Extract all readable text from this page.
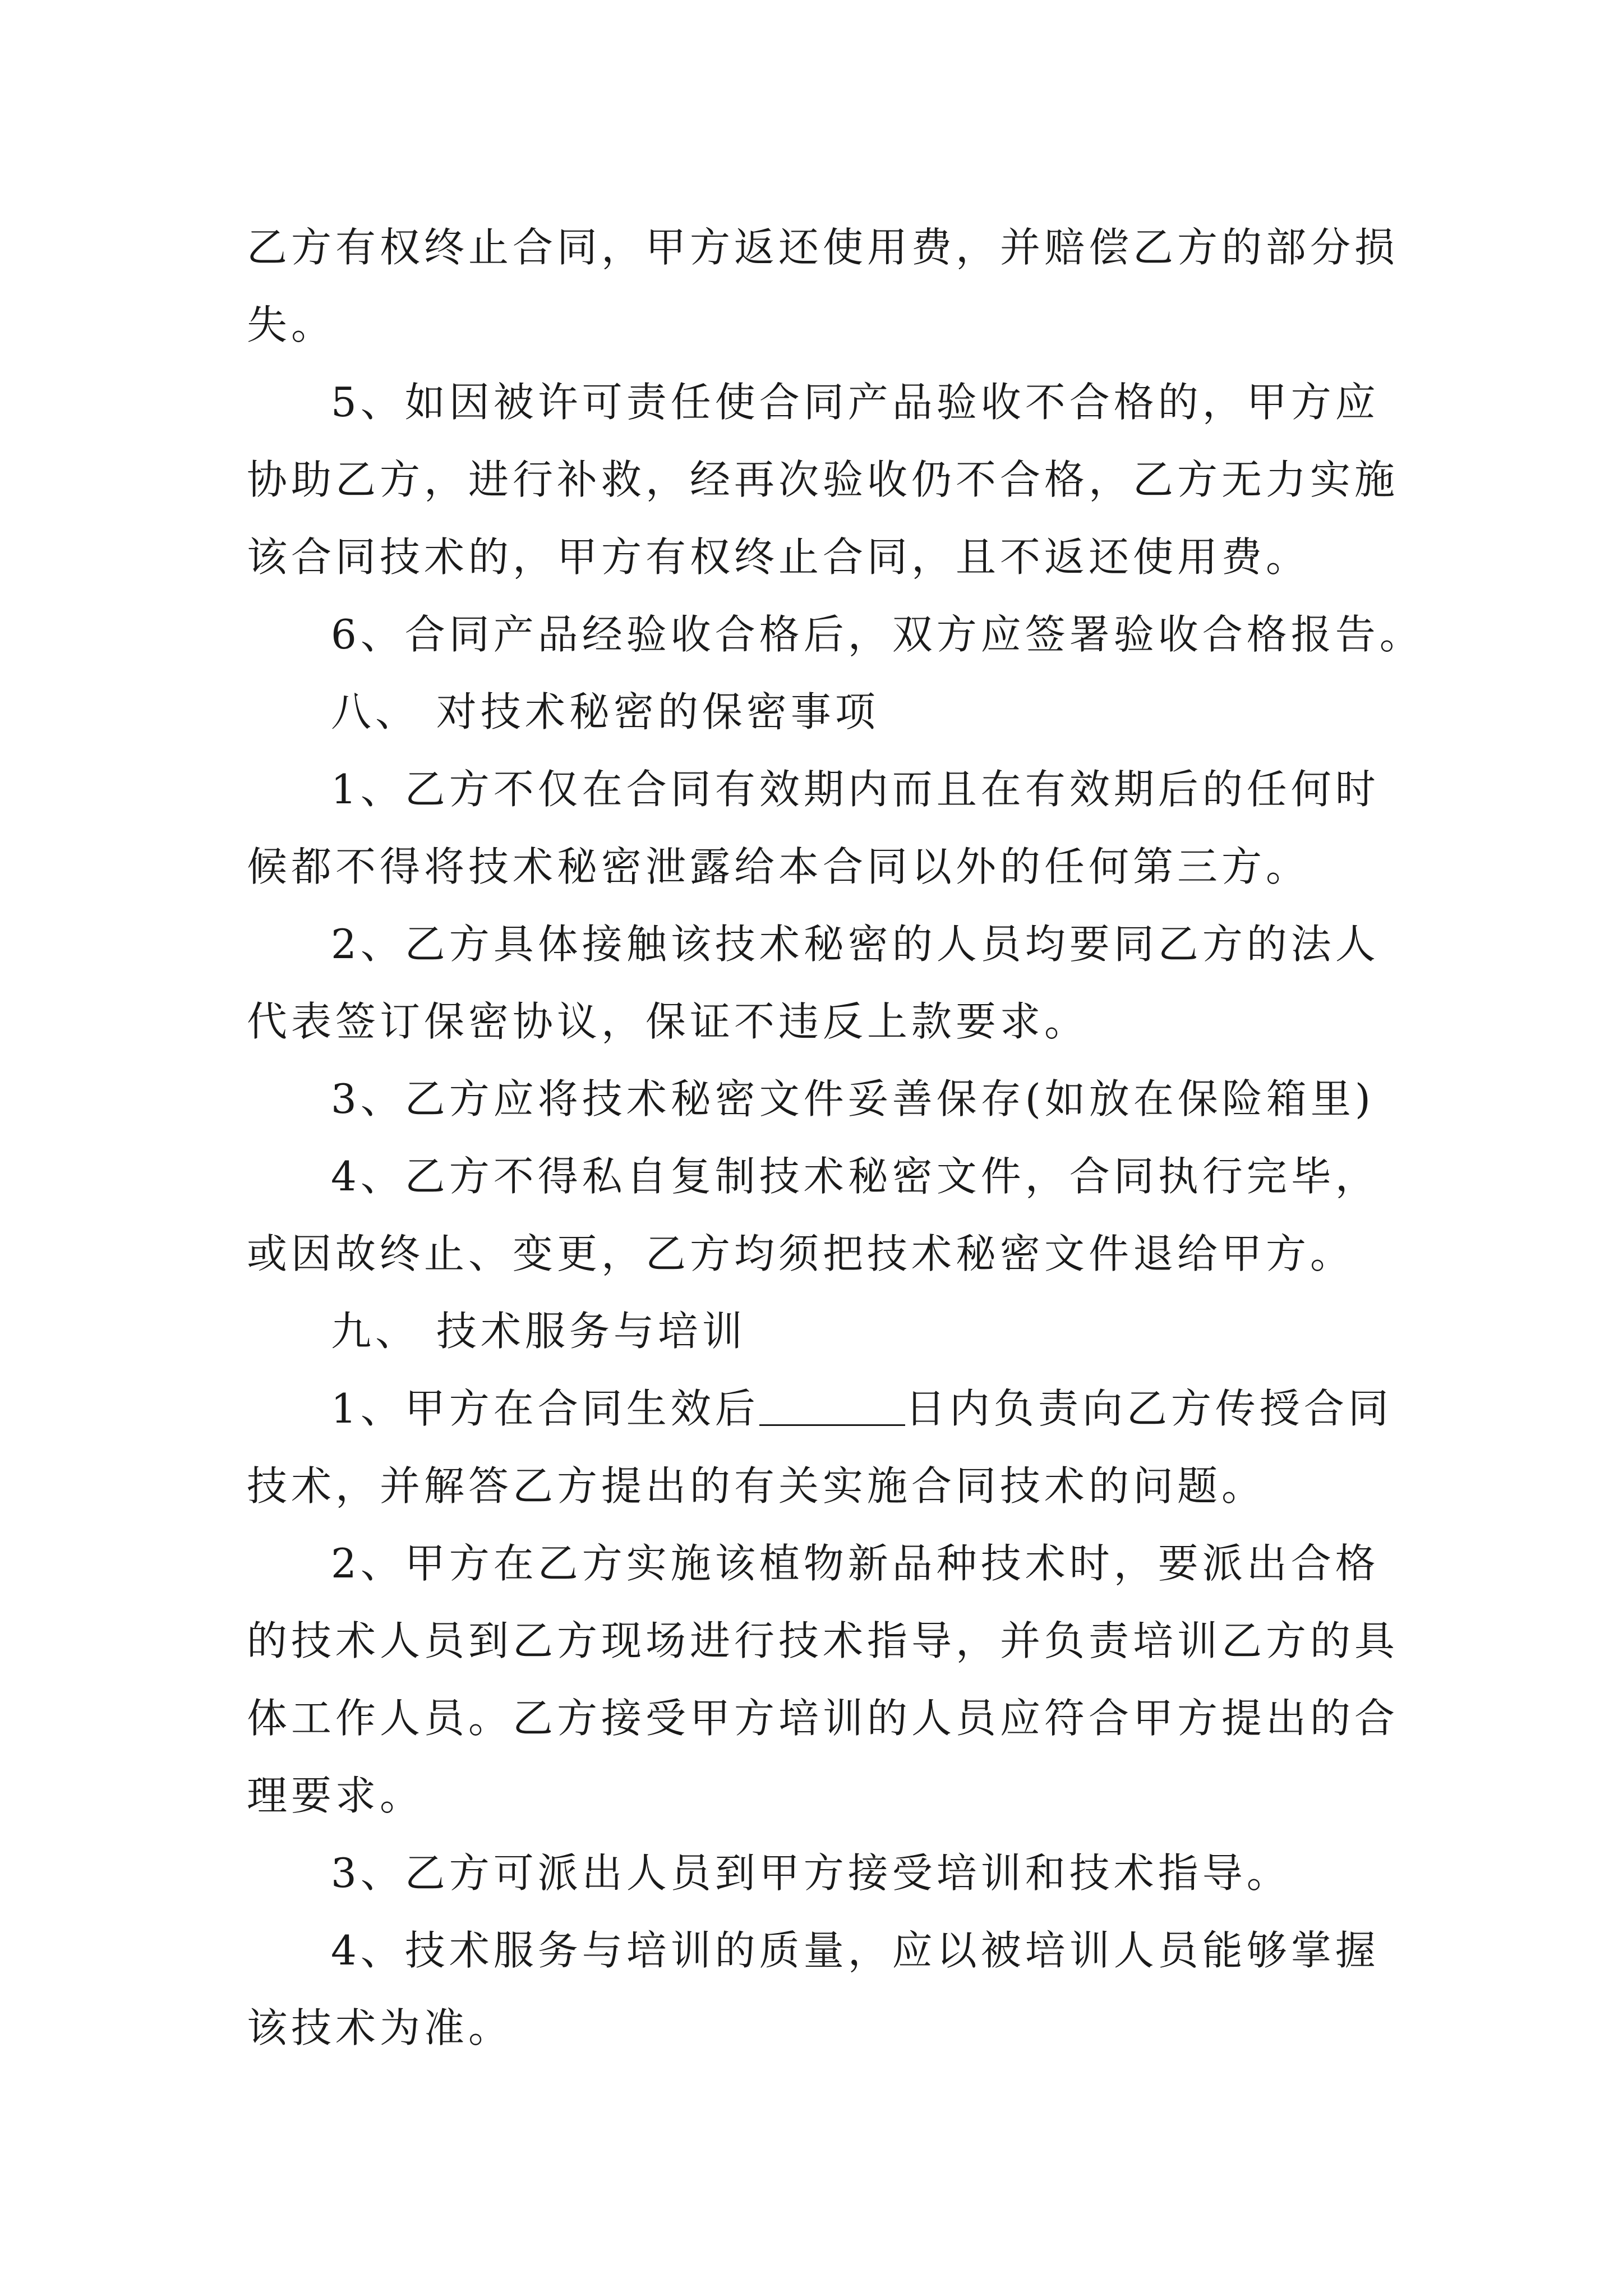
乙方有权终止合同，甲方返还使用费，并赔偿乙方的部分损

失。

5、如因被许可责任使合同产品验收不合格的，甲方应

协助乙方，进行补救，经再次验收仍不合格，乙方无力实施

该合同技术的，甲方有权终止合同，且不返还使用费。

6、合同产品经验收合格后，双方应签署验收合格报告。

八、 对技术秘密的保密事项

1、乙方不仅在合同有效期内而且在有效期后的任何时

候都不得将技术秘密泄露给本合同以外的任何第三方。

2、乙方具体接触该技术秘密的人员均要同乙方的法人

代表签订保密协议，保证不违反上款要求。

3、乙方应将技术秘密文件妥善保存(如放在保险箱里)

4、乙方不得私自复制技术秘密文件，合同执行完毕，

或因故终止、变更，乙方均须把技术秘密文件退给甲方。

九、 技术服务与培训

1、甲方在合同生效后	日内负责向乙方传授合同

技术，并解答乙方提出的有关实施合同技术的问题。

2、甲方在乙方实施该植物新品种技术时，要派出合格

的技术人员到乙方现场进行技术指导，并负责培训乙方的具

体工作人员。乙方接受甲方培训的人员应符合甲方提出的合

理要求。

3、乙方可派出人员到甲方接受培训和技术指导。

4、技术服务与培训的质量，应以被培训人员能够掌握

该技术为准。
